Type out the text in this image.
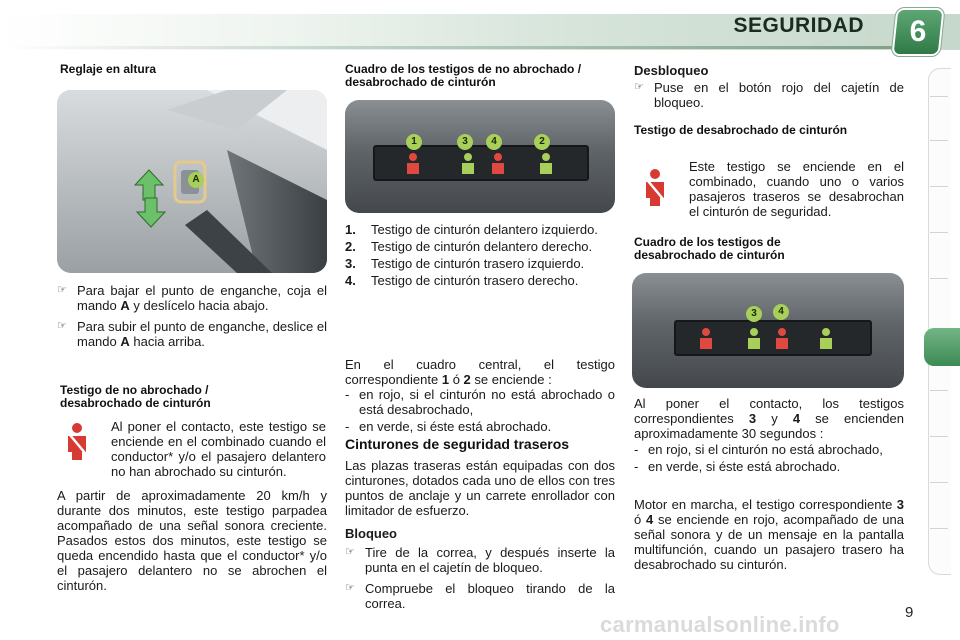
SEGURIDAD	6
Reglaje en altura
A
☞ Para bajar el punto de enganche, coja el mando A y deslícelo hacia abajo.
☞ Para subir el punto de enganche, deslice el mando A hacia arriba.
Testigo de no abrochado / desabrochado de cinturón
Al poner el contacto, este testigo se enciende en el combinado cuando el conductor* y/o el pasajero delantero no han abrochado su cinturón.
A partir de aproximadamente 20 km/h y durante dos minutos, este testigo parpadea acompañado de una señal sonora creciente. Pasados estos dos minutos, este testigo se queda encendido hasta que el conductor* y/o el pasajero delantero no se abrochen el cinturón.
Cuadro de los testigos de no abrochado / desabrochado de cinturón
1	3	4	2
1.	Testigo de cinturón delantero izquierdo.
2.	Testigo de cinturón delantero derecho.
3.	Testigo de cinturón trasero izquierdo.
4.	Testigo de cinturón trasero derecho.
En el cuadro central, el testigo correspondiente 1 ó 2 se enciende :
- en rojo, si el cinturón no está abrochado o está desabrochado,
- en verde, si éste está abrochado.
Cinturones de seguridad traseros
Las plazas traseras están equipadas con dos cinturones, dotados cada uno de ellos con tres puntos de anclaje y un carrete enrollador con limitador de esfuerzo.
Bloqueo
☞ Tire de la correa, y después inserte la punta en el cajetín de bloqueo.
☞ Compruebe el bloqueo tirando de la correa.
Desbloqueo
☞ Puse en el botón rojo del cajetín de bloqueo.
Testigo de desabrochado de cinturón
Este testigo se enciende en el combinado, cuando uno o varios pasajeros traseros se desabrochan el cinturón de seguridad.
Cuadro de los testigos de desabrochado de cinturón
3	4
Al poner el contacto, los testigos correspondientes 3 y 4 se encienden aproximadamente 30 segundos :
- en rojo, si el cinturón no está abrochado,
- en verde, si éste está abrochado.
Motor en marcha, el testigo correspondiente 3 ó 4 se enciende en rojo, acompañado de una señal sonora y de un mensaje en la pantalla multifunción, cuando un pasajero trasero ha desabrochado su cinturón.
carmanualsonline.info	9
